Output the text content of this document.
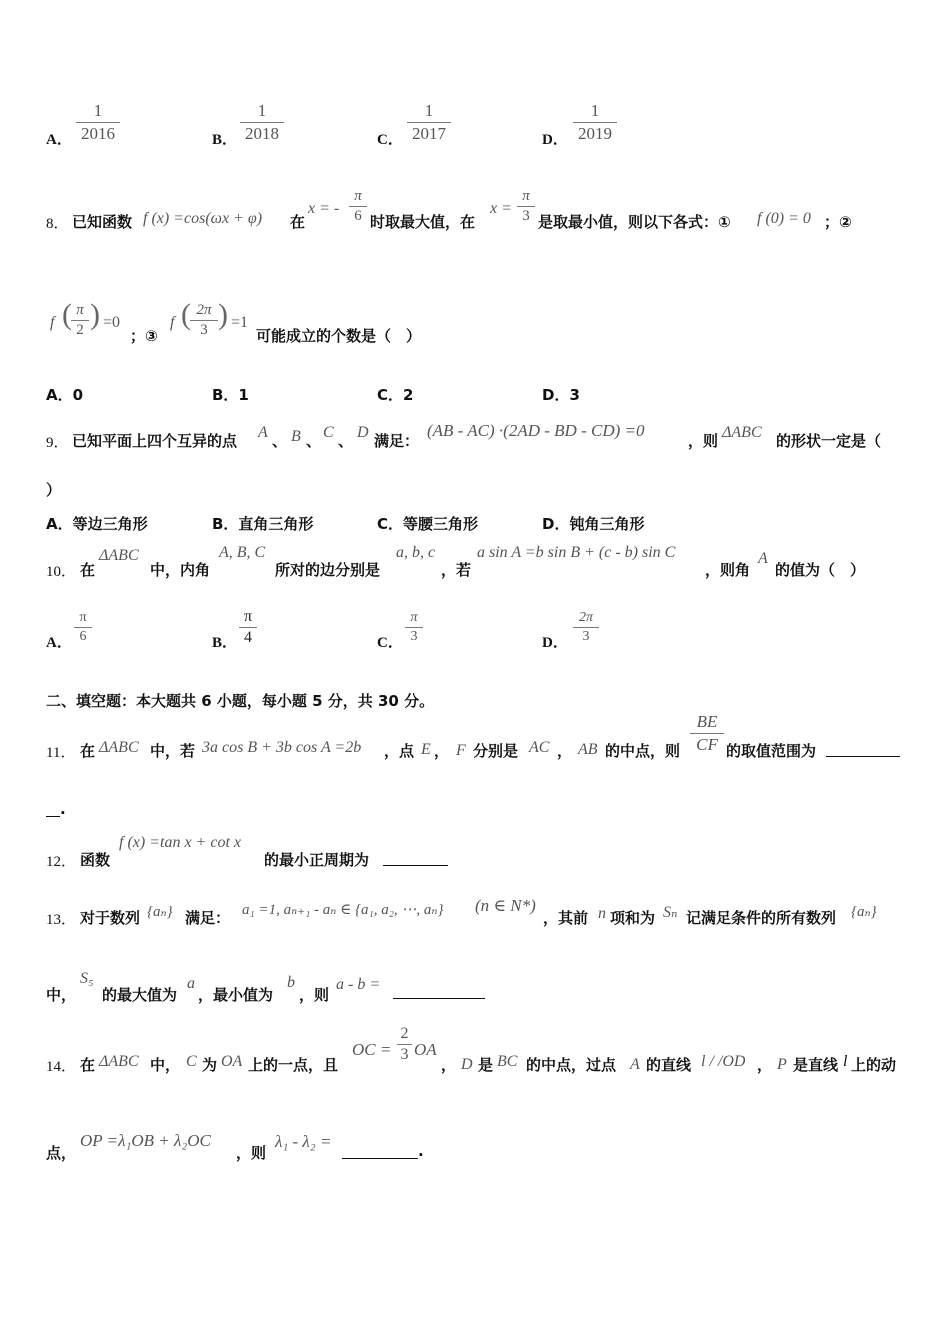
A．
1
2016	B．
1
2018	C．
1
2017	D．
1
2019
8． 已知函数 f (x) =cos(ωx + φ) 在
x = -
π
6 时取最大值，在
x =
π
3 是取最小值，则以下各式：① f (0) = 0 ；②
f ( π
2 ) =0
；③
f ( 2π
3 ) =1
可能成立的个数是（　）
A．0	B．1	C．2	D．3
9． 已知平面上四个互异的点 A 、 B 、 C 、 D 满足：
(AB - AC) ·(2AD - BD - CD) =0
，则 ΔABC 的形状一定是（
）
A．等边三角形	B．直角三角形	C．等腰三角形	D．钝角三角形
10． 在
ΔABC
中，内角
A, B, C
所对的边分别是
a, b, c
，若
a sin A =b sin B + (c - b) sin C
，则角
A
的值为（　）
A．
π
6	B．
π
4	C．
π
3	D．
2π
3
二、填空题：本大题共 6 小题，每小题 5 分，共 30 分。
11． 在 ΔABC 中，若 3a cos B + 3b cos A =2b ，点 E ， F 分别是 AC ， AB 的中点，则
BE
CF 的取值范围为
.
12． 函数
f (x) =tan x + cot x
的最小正周期为
13． 对于数列 {aₙ} 满足： a₁ =1, aₙ₊₁ - aₙ ∈ {a₁, a₂, ⋯, aₙ} (n ∈ N*)
，其前 n 项和为 Sₙ 记满足条件的所有数列 {aₙ}
中，
S₅
的最大值为
a
，最小值为
b
，则
a - b =
14． 在 ΔABC 中， C 为 OA 上的一点，且
OC =
2
3 OA
， D 是 BC 的中点，过点 A 的直线 l / /OD ， P 是直线 l 上的动
点，
OP =λ₁OB + λ₂OC
，则
λ₁ - λ₂ =	.
